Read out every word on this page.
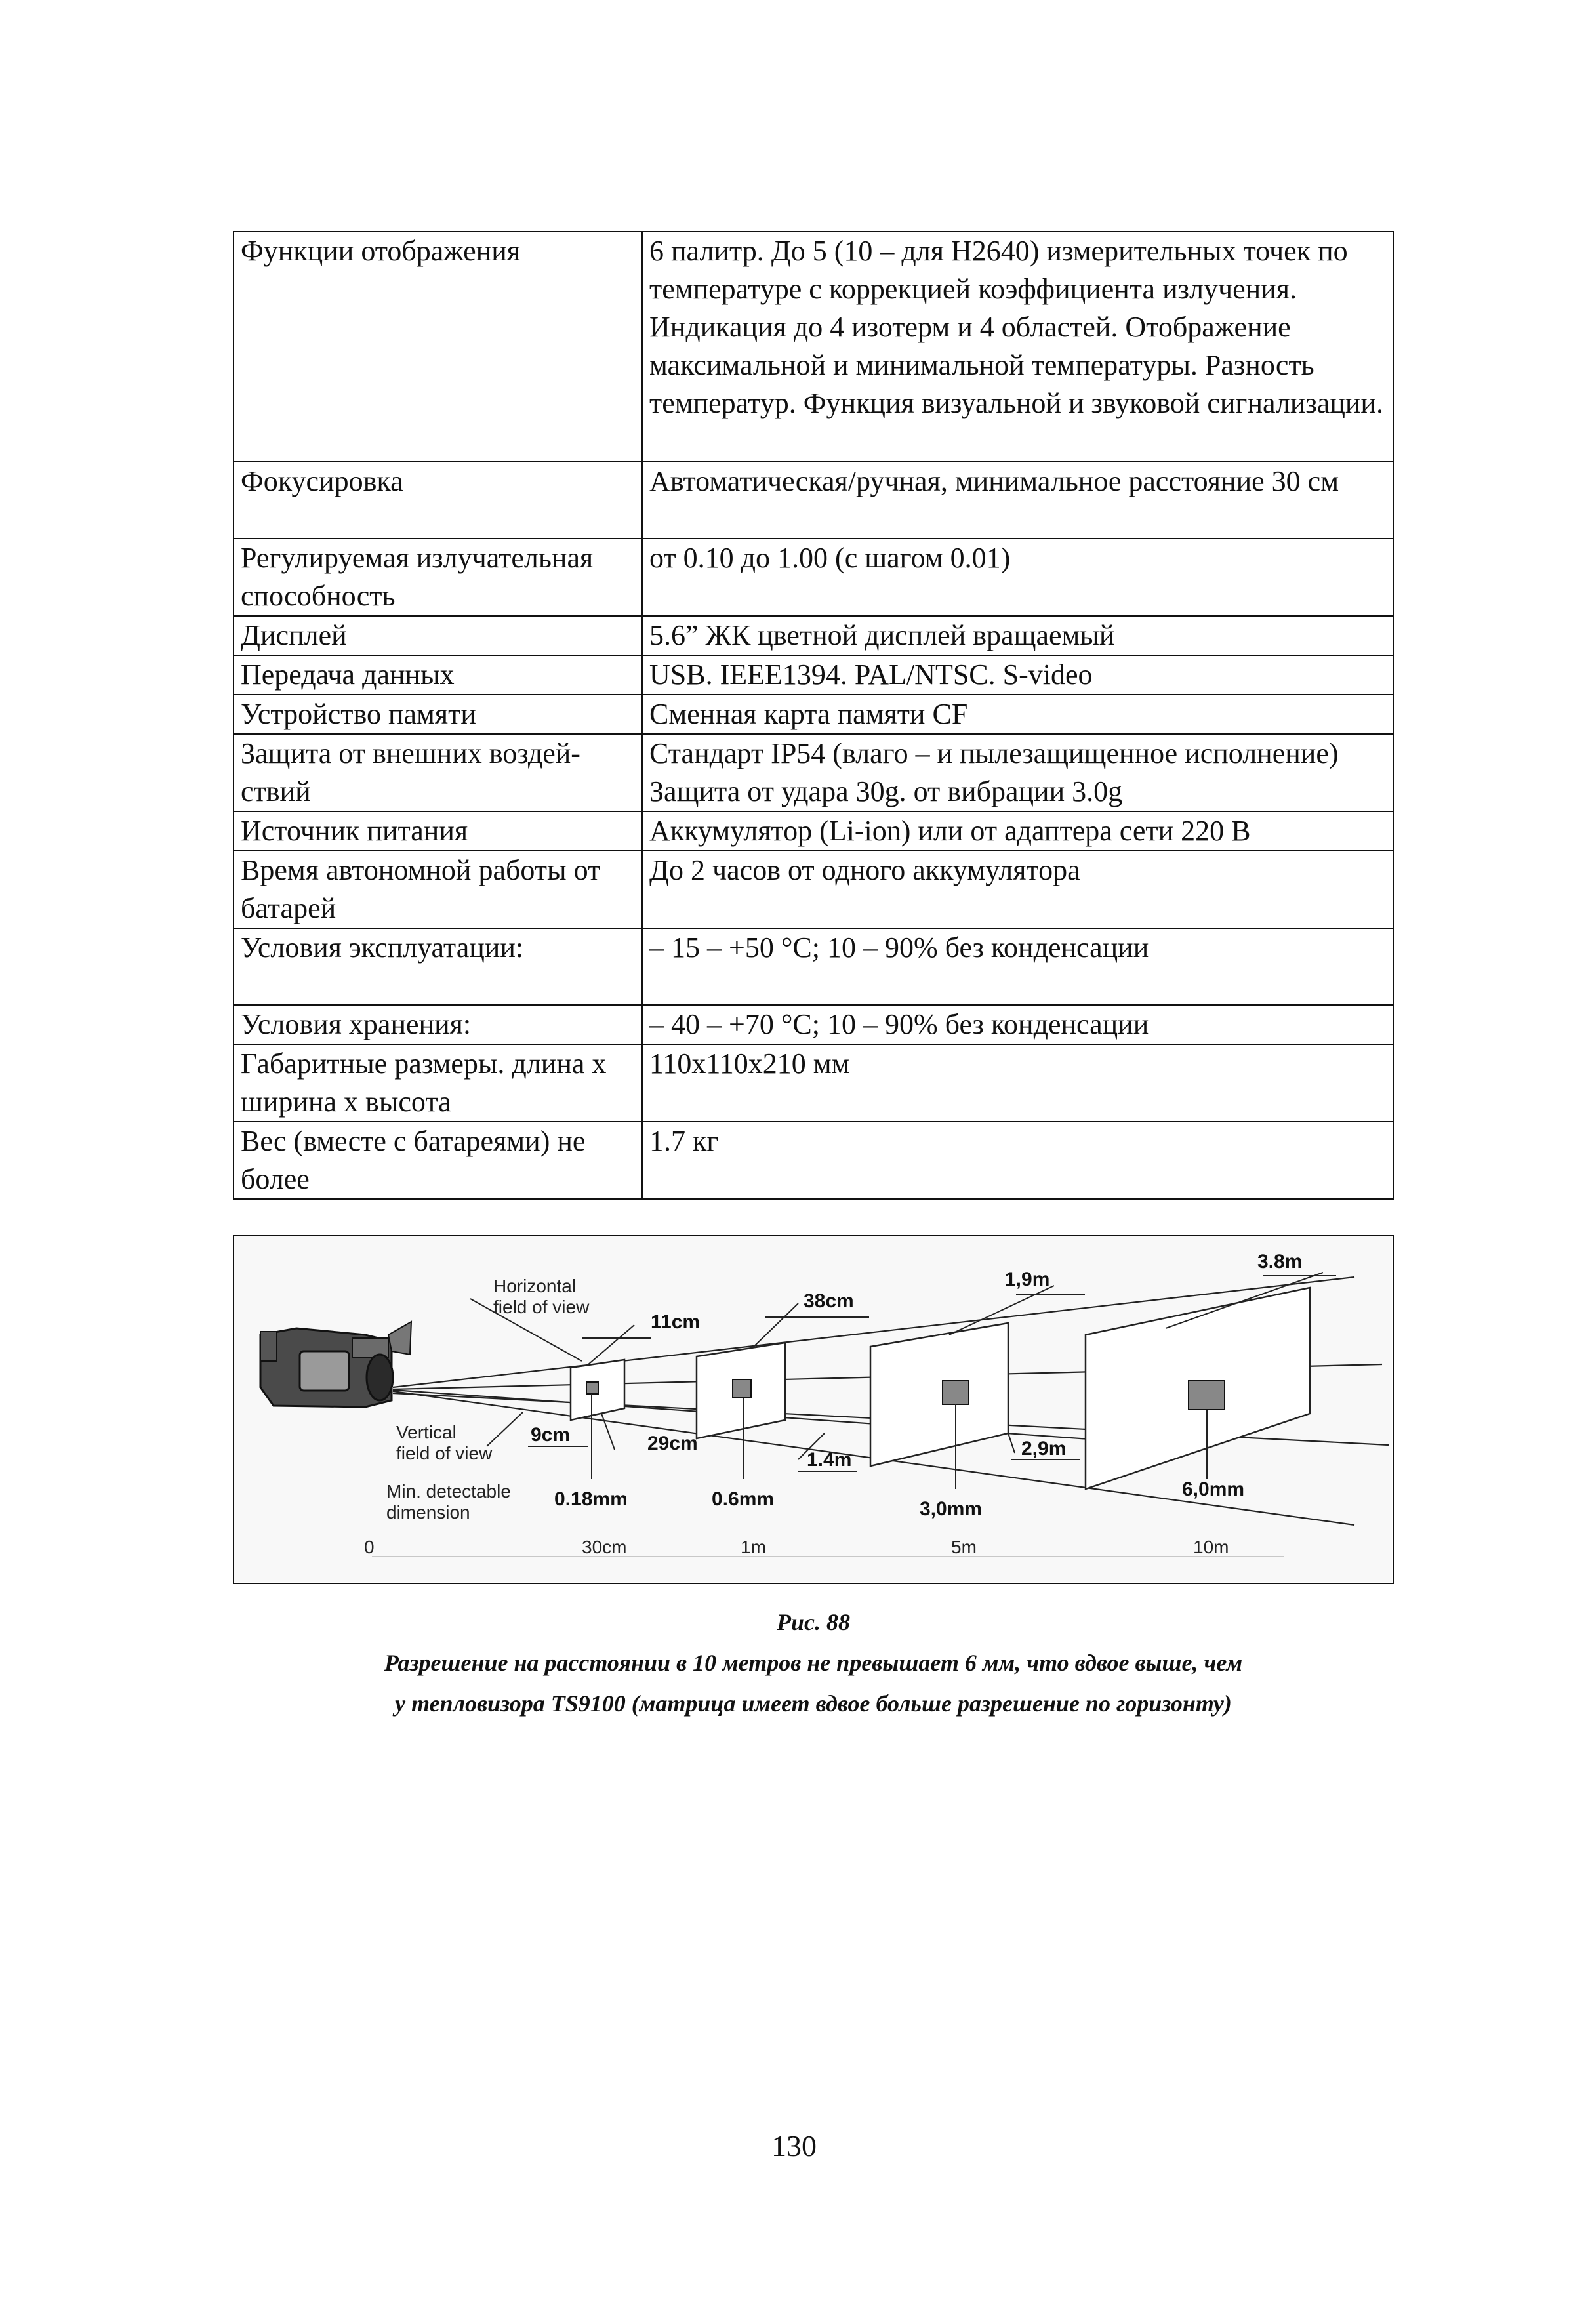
Функции отображения	6 палитр. До 5 (10 – для H2640) измерительных точек по температуре с коррекцией коэффициента излучения. Индикация до 4 изотерм и 4 областей. Отображение максимальной и минимальной температуры. Разность температур. Функция визуальной и звуковой сигнализации.
Фокусировка	Автоматическая/ручная, минимальное расстояние 30 см
Регулируемая излучательная способность	от 0.10 до 1.00 (с шагом 0.01)
Дисплей	5.6” ЖК цветной дисплей вращаемый
Передача данных	USB. IEEE1394. PAL/NTSC. S-video
Устройство памяти	Сменная карта памяти CF
Защита от внешних воздействий	Стандарт IP54 (влаго – и пылезащищенное исполнение) Защита от удара 30g. от вибрации 3.0g
Источник питания	Аккумулятор (Li-ion) или от адаптера сети 220 В
Время автономной работы от батарей	До 2 часов от одного аккумулятора
Условия эксплуатации:	– 15 – +50 °С; 10 – 90% без конденсации
Условия хранения:	– 40 – +70 °С; 10 – 90% без конденсации
Габаритные размеры. длина х ширина х высота	110х110х210 мм
Вес (вместе с батареями) не более	1.7 кг
Horizontal
field of view
Vertical
field of view
Min. detectable
dimension
11cm
38cm
1,9m
3.8m
9cm	29cm
1.4m
2,9m
0.18mm	0.6mm	3,0mm
6,0mm
0	30cm	1m	5m	10m
Рис. 88
Разрешение на расстоянии в 10 метров не превышает 6 мм, что вдвое выше, чем
у тепловизора TS9100 (матрица имеет вдвое больше разрешение по горизонту)
130
